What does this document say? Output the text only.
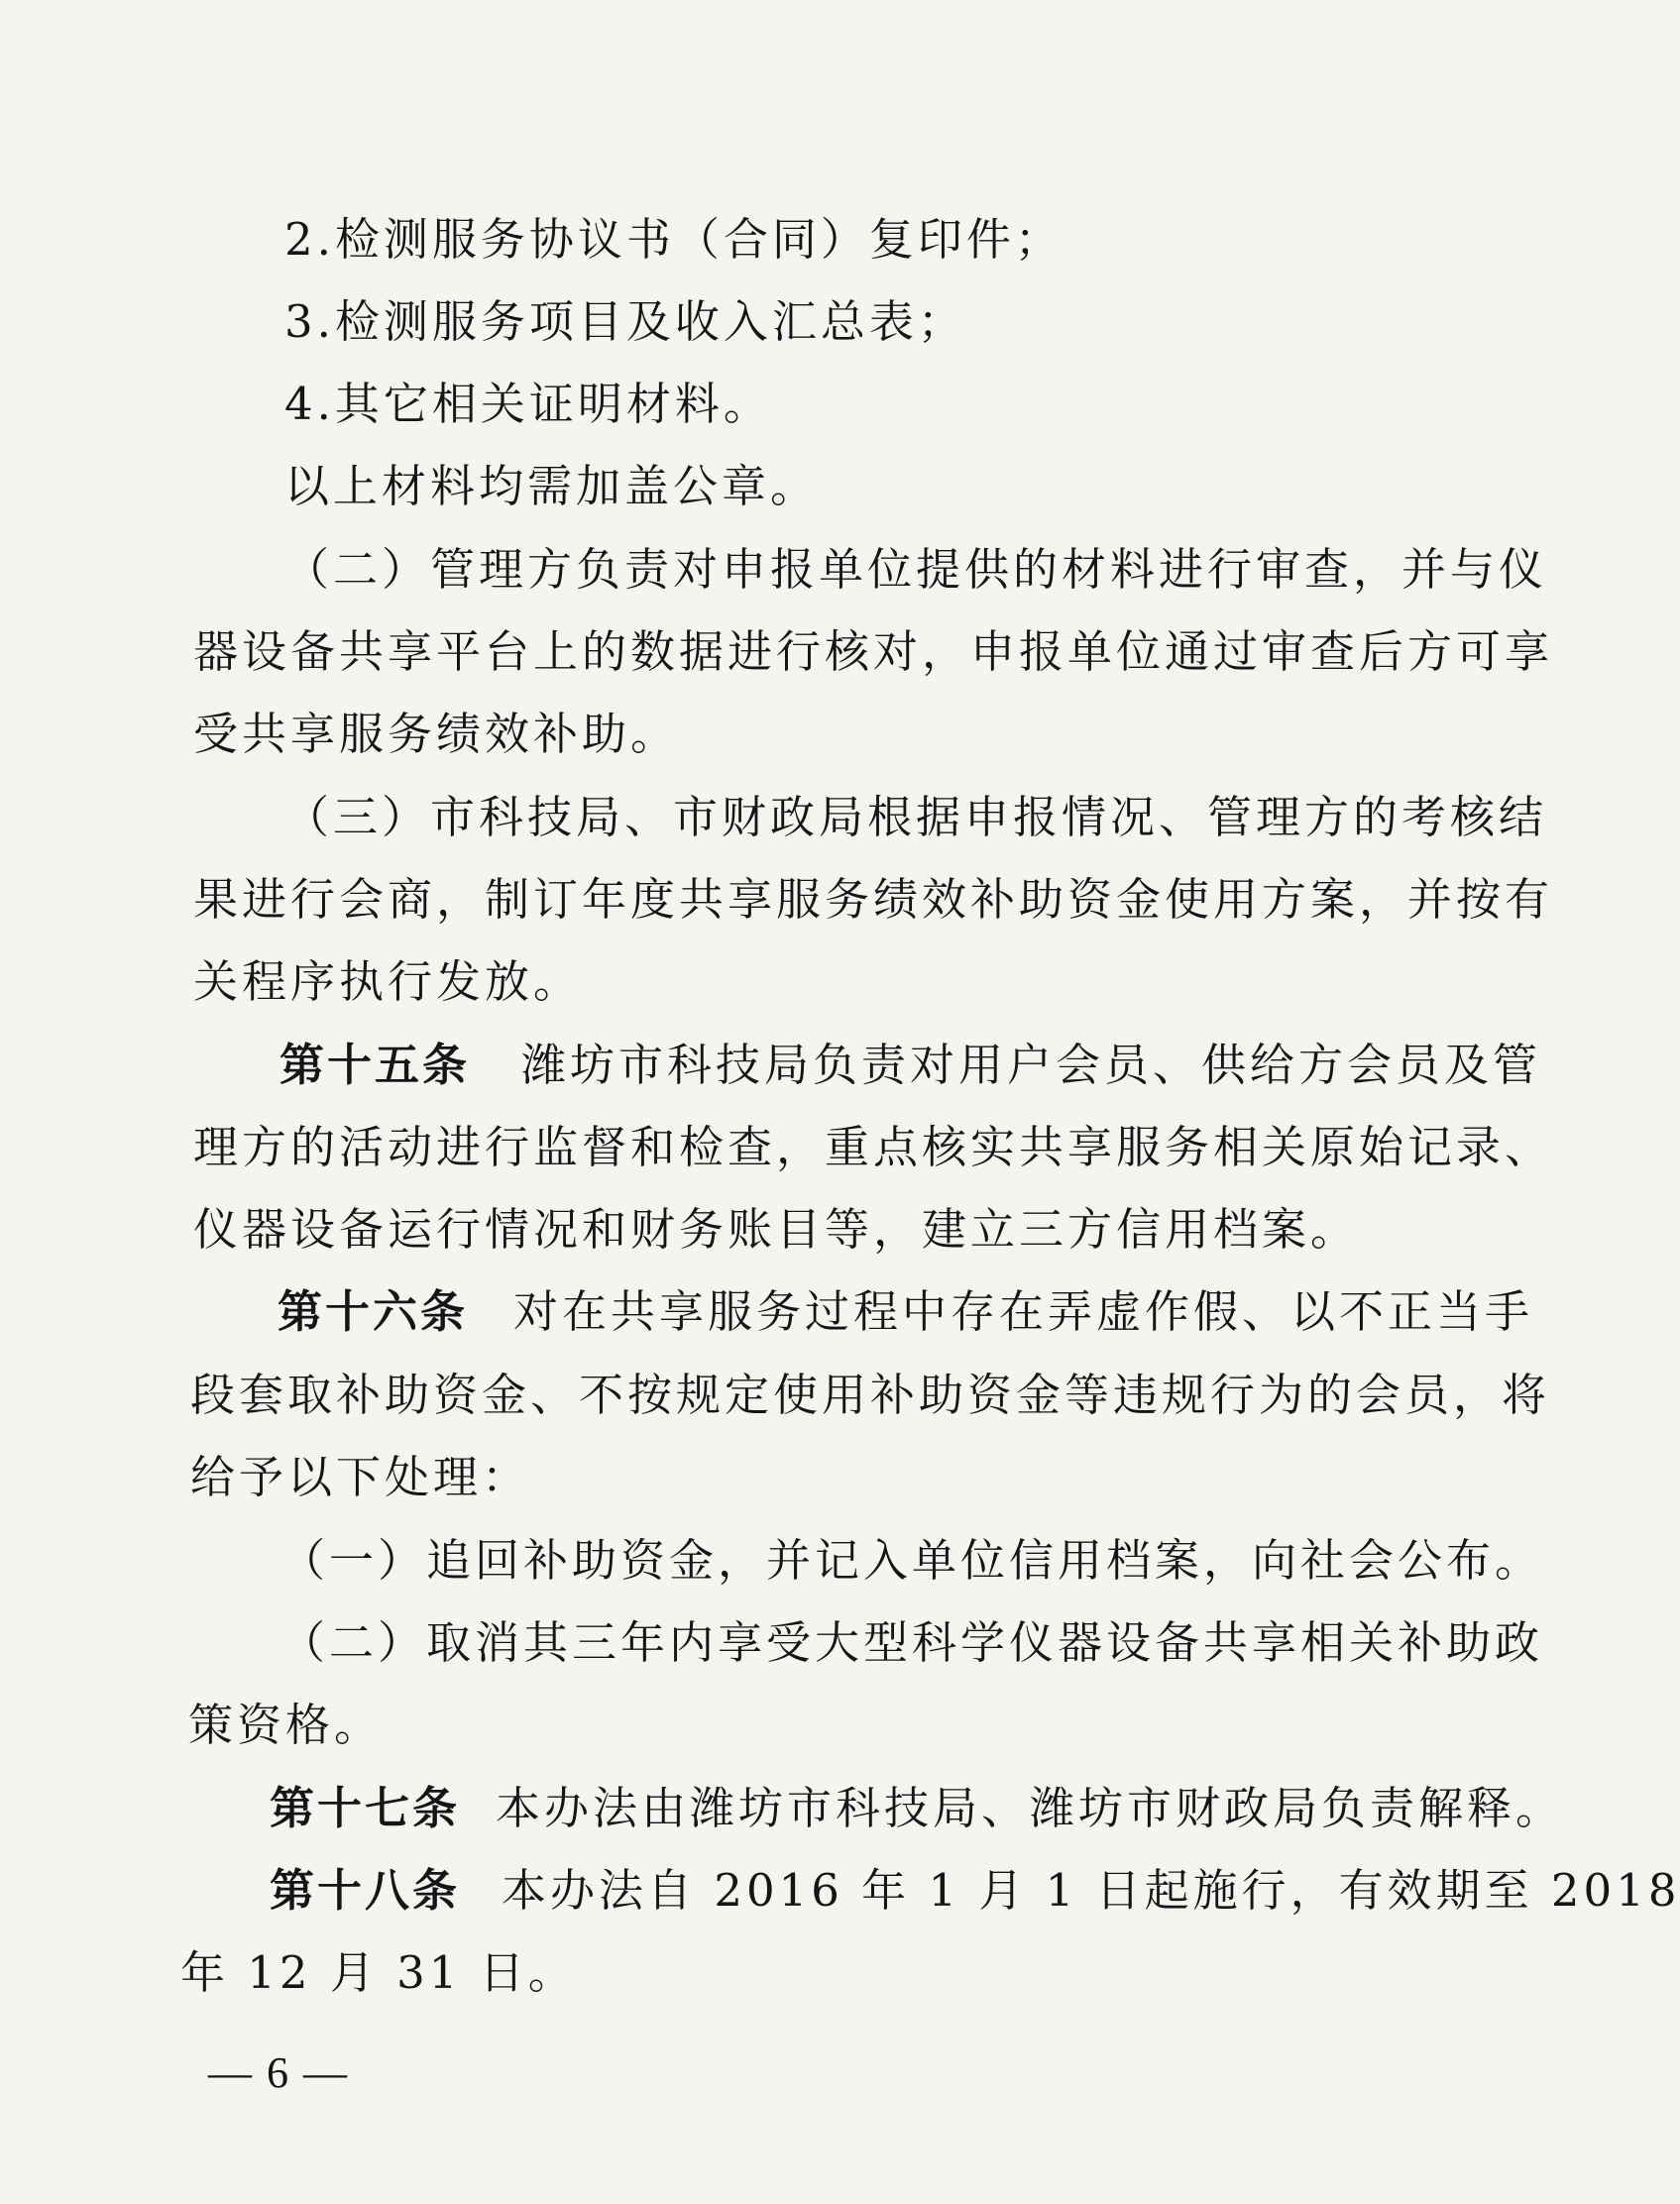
2.检测服务协议书（合同）复印件；

3.检测服务项目及收入汇总表；

4.其它相关证明材料。

以上材料均需加盖公章。

（二）管理方负责对申报单位提供的材料进行审查，并与仪

器设备共享平台上的数据进行核对，申报单位通过审查后方可享

受共享服务绩效补助。

（三）市科技局、市财政局根据申报情况、管理方的考核结

果进行会商，制订年度共享服务绩效补助资金使用方案，并按有

关程序执行发放。

第十五条 潍坊市科技局负责对用户会员、供给方会员及管

理方的活动进行监督和检查，重点核实共享服务相关原始记录、

仪器设备运行情况和财务账目等，建立三方信用档案。

第十六条 对在共享服务过程中存在弄虚作假、以不正当手

段套取补助资金、不按规定使用补助资金等违规行为的会员，将

给予以下处理：

（一）追回补助资金，并记入单位信用档案，向社会公布。

（二）取消其三年内享受大型科学仪器设备共享相关补助政

策资格。

第十七条 本办法由潍坊市科技局、潍坊市财政局负责解释。

第十八条 本办法自 2016 年 1 月 1 日起施行，有效期至 2018

年 12 月 31 日。

— 6 —
